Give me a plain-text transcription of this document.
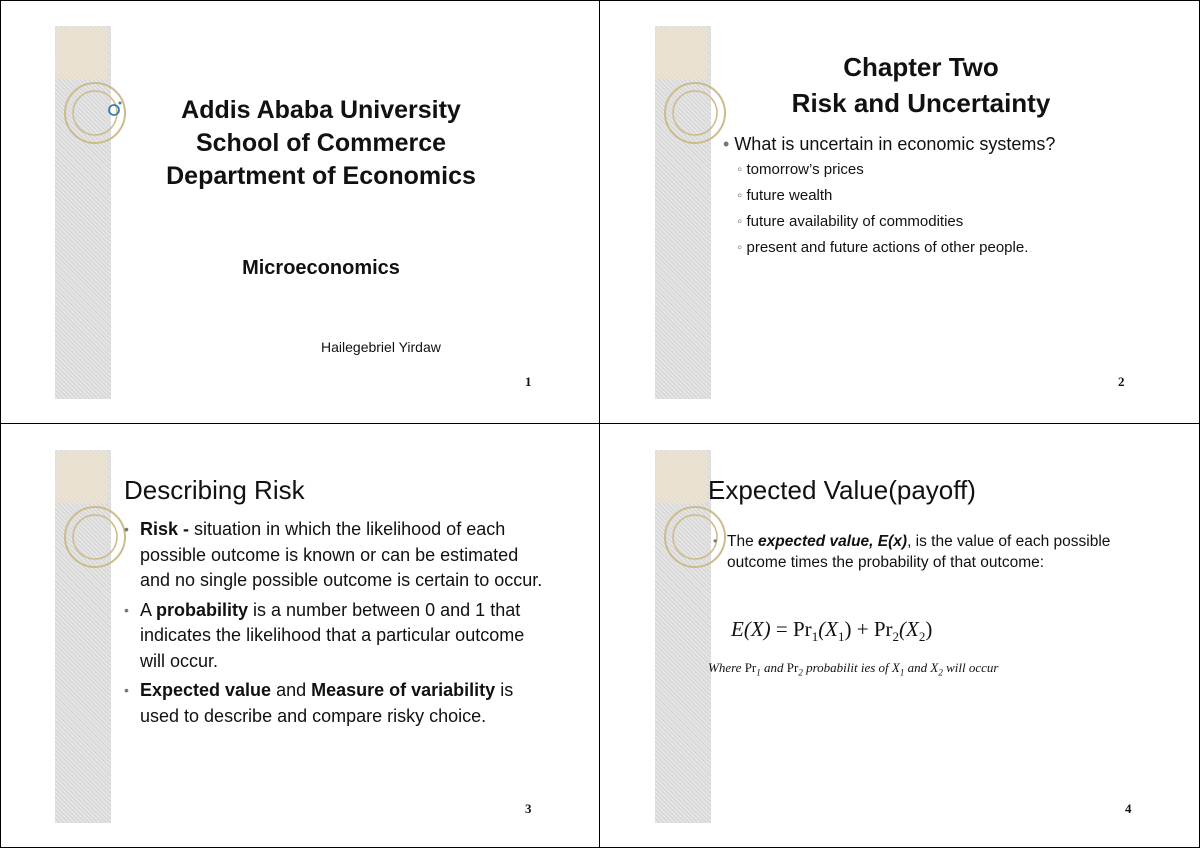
Addis Ababa University
School of Commerce
Department of Economics
Microeconomics
Hailegebriel Yirdaw
1
Chapter Two
Risk and Uncertainty
• What is uncertain in economic systems?
◦ tomorrow’s prices
◦ future wealth
◦ future availability of commodities
◦ present and future actions of other people.
2
Describing Risk
• Risk - situation in which the likelihood of each possible outcome is known or can be estimated and no single possible outcome is certain to occur.
• A probability is a number between 0 and 1 that indicates the likelihood that a particular outcome will occur.
• Expected value and Measure of variability is used to describe and compare risky choice.
3
Expected Value(payoff)
• The expected value, E(x), is the value of each possible outcome times the probability of that outcome:
$E(X) = Pr_1(X_1) + Pr_2(X_2)$
Where $Pr_1$ and $Pr_2$ probabilit ies of $X_1$ and $X_2$ will occur
4
